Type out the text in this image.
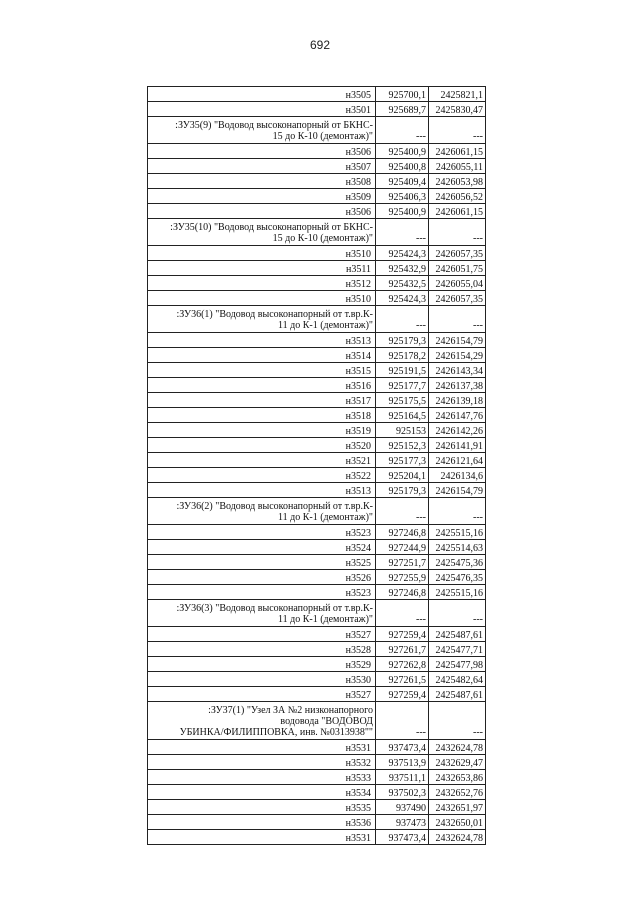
692
н3505	925700,1	2425821,1
н3501	925689,7	2425830,47

:ЗУ35(9) "Водовод высоконапорный от БКНС-
15 до К-10 (демонтаж)"	---	---
н3506	925400,9	2426061,15
н3507	925400,8	2426055,11
н3508	925409,4	2426053,98
н3509	925406,3	2426056,52
н3506	925400,9	2426061,15

:ЗУ35(10) "Водовод высоконапорный от БКНС-
15 до К-10 (демонтаж)"	---	---
н3510	925424,3	2426057,35
н3511	925432,9	2426051,75
н3512	925432,5	2426055,04
н3510	925424,3	2426057,35

:ЗУ36(1) "Водовод высоконапорный от т.вр.К-
11 до К-1 (демонтаж)"	---	---
н3513	925179,3	2426154,79
н3514	925178,2	2426154,29
н3515	925191,5	2426143,34
н3516	925177,7	2426137,38
н3517	925175,5	2426139,18
н3518	925164,5	2426147,76
н3519	925153	2426142,26
н3520	925152,3	2426141,91
н3521	925177,3	2426121,64
н3522	925204,1	2426134,6
н3513	925179,3	2426154,79

:ЗУ36(2) "Водовод высоконапорный от т.вр.К-
11 до К-1 (демонтаж)"	---	---
н3523	927246,8	2425515,16
н3524	927244,9	2425514,63
н3525	927251,7	2425475,36
н3526	927255,9	2425476,35
н3523	927246,8	2425515,16

:ЗУ36(3) "Водовод высоконапорный от т.вр.К-
11 до К-1 (демонтаж)"	---	---
н3527	927259,4	2425487,61
н3528	927261,7	2425477,71
н3529	927262,8	2425477,98
н3530	927261,5	2425482,64
н3527	927259,4	2425487,61

:ЗУ37(1) "Узел ЗА №2 низконапорного
водовода "ВОДОВОД
УБИНКА/ФИЛИППОВКА, инв. №0313938""	---	---
н3531	937473,4	2432624,78
н3532	937513,9	2432629,47
н3533	937511,1	2432653,86
н3534	937502,3	2432652,76
н3535	937490	2432651,97
н3536	937473	2432650,01
н3531	937473,4	2432624,78
